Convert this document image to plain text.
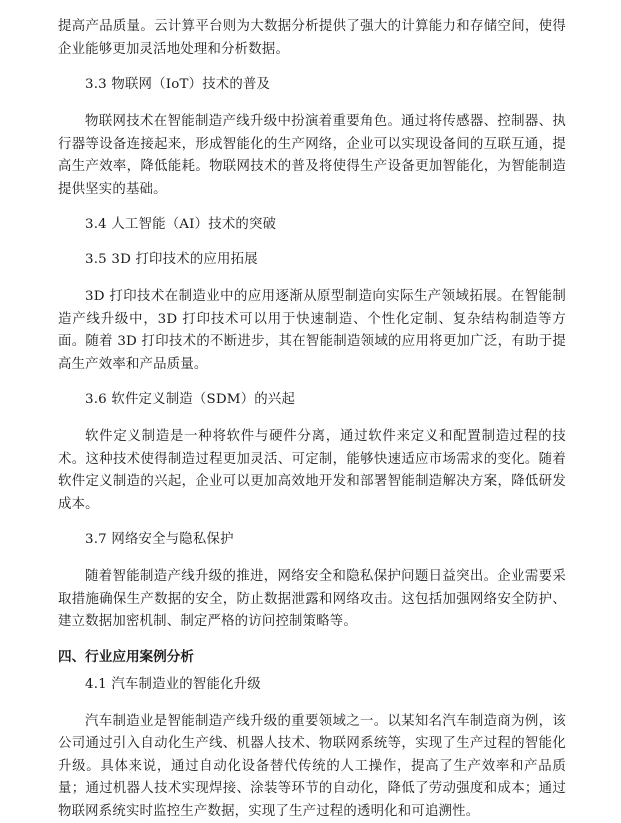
提高产品质量。云计算平台则为大数据分析提供了强大的计算能力和存储空间，使得企业能够更加灵活地处理和分析数据。

3.3 物联网（IoT）技术的普及

物联网技术在智能制造产线升级中扮演着重要角色。通过将传感器、控制器、执行器等设备连接起来，形成智能化的生产网络，企业可以实现设备间的互联互通，提高生产效率，降低能耗。物联网技术的普及将使得生产设备更加智能化，为智能制造提供坚实的基础。

3.4 人工智能（AI）技术的突破
3.5 3D 打印技术的应用拓展

3D 打印技术在制造业中的应用逐渐从原型制造向实际生产领域拓展。在智能制造产线升级中，3D 打印技术可以用于快速制造、个性化定制、复杂结构制造等方面。随着 3D 打印技术的不断进步，其在智能制造领域的应用将更加广泛，有助于提高生产效率和产品质量。

3.6 软件定义制造（SDM）的兴起

软件定义制造是一种将软件与硬件分离，通过软件来定义和配置制造过程的技术。这种技术使得制造过程更加灵活、可定制，能够快速适应市场需求的变化。随着软件定义制造的兴起，企业可以更加高效地开发和部署智能制造解决方案，降低研发成本。

3.7 网络安全与隐私保护

随着智能制造产线升级的推进，网络安全和隐私保护问题日益突出。企业需要采取措施确保生产数据的安全，防止数据泄露和网络攻击。这包括加强网络安全防护、建立数据加密机制、制定严格的访问控制策略等。

四、行业应用案例分析
4.1 汽车制造业的智能化升级

汽车制造业是智能制造产线升级的重要领域之一。以某知名汽车制造商为例，该公司通过引入自动化生产线、机器人技术、物联网系统等，实现了生产过程的智能化升级。具体来说，通过自动化设备替代传统的人工操作，提高了生产效率和产品质量；通过机器人技术实现焊接、涂装等环节的自动化，降低了劳动强度和成本；通过物联网系统实时监控生产数据，实现了生产过程的透明化和可追溯性。
